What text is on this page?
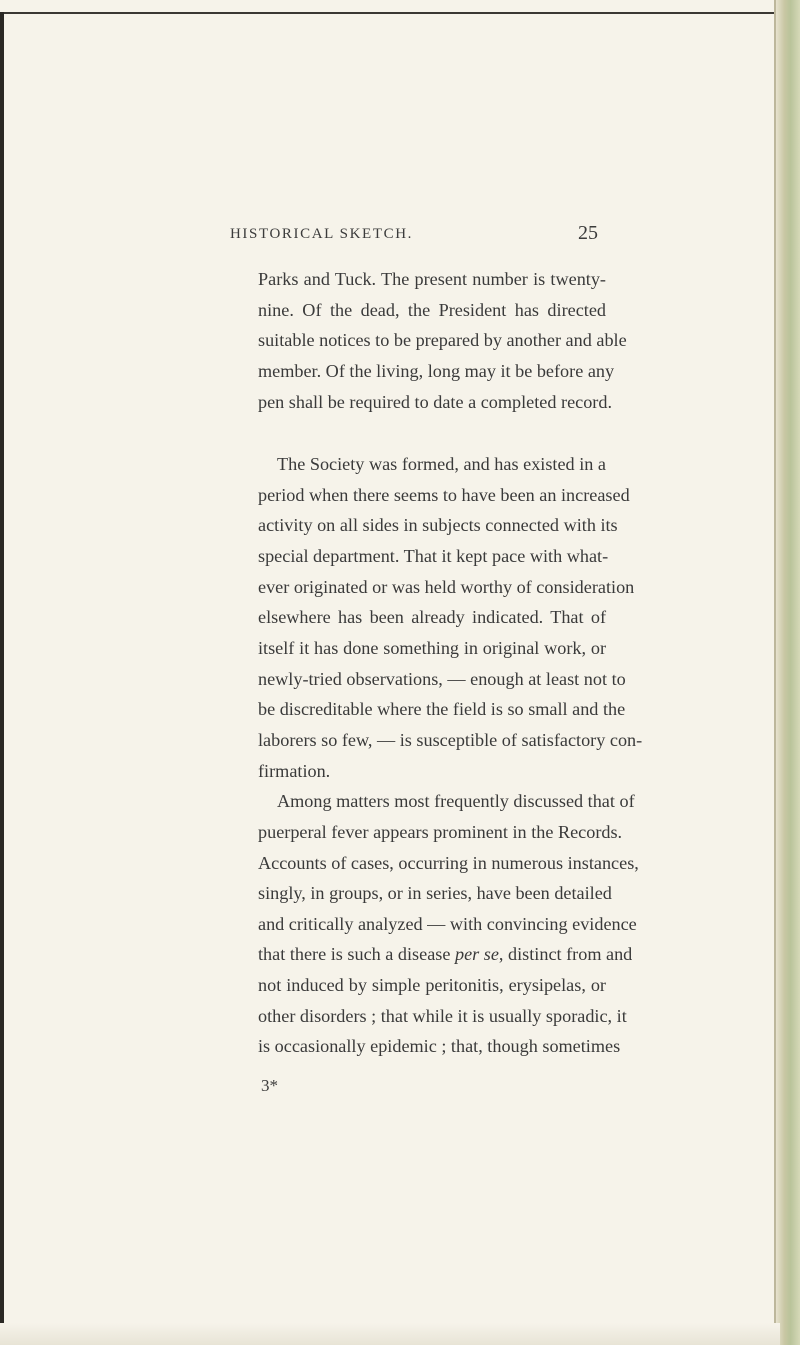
HISTORICAL SKETCH.	25
Parks and Tuck. The present number is twenty-
nine. Of the dead, the President has directed
suitable notices to be prepared by another and able
member. Of the living, long may it be before any
pen shall be required to date a completed record.
The Society was formed, and has existed in a
period when there seems to have been an increased
activity on all sides in subjects connected with its
special department. That it kept pace with what-
ever originated or was held worthy of consideration
elsewhere has been already indicated. That of
itself it has done something in original work, or
newly-tried observations, — enough at least not to
be discreditable where the field is so small and the
laborers so few, — is susceptible of satisfactory con-
firmation.
Among matters most frequently discussed that of
puerperal fever appears prominent in the Records.
Accounts of cases, occurring in numerous instances,
singly, in groups, or in series, have been detailed
and critically analyzed — with convincing evidence
that there is such a disease per se, distinct from and
not induced by simple peritonitis, erysipelas, or
other disorders ; that while it is usually sporadic, it
is occasionally epidemic ; that, though sometimes
3*
